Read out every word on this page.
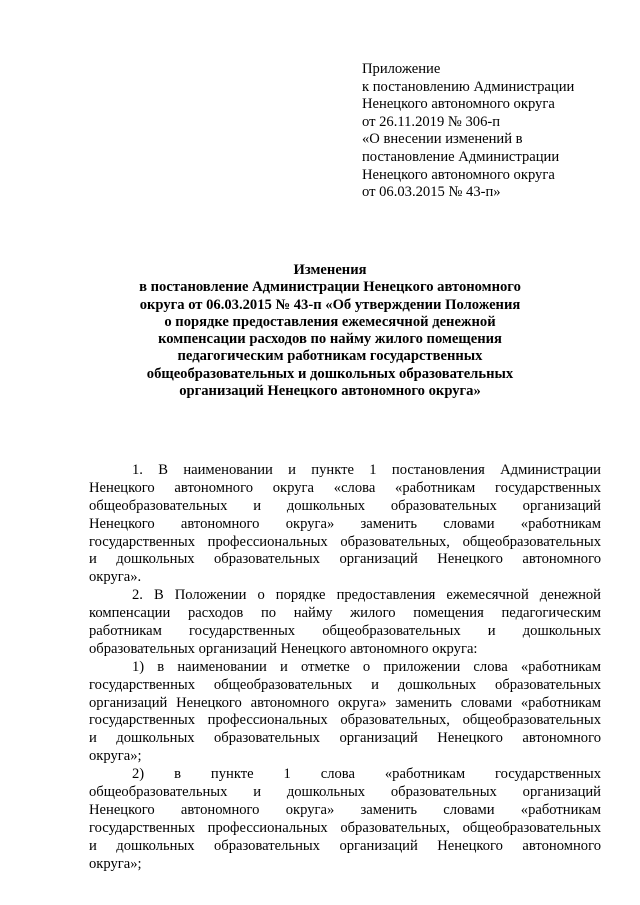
Приложение
к постановлению Администрации
Ненецкого автономного округа
от 26.11.2019 № 306-п
«О внесении изменений в
постановление Администрации
Ненецкого автономного округа
от 06.03.2015 № 43-п»
Изменения
в постановление Администрации Ненецкого автономного
округа от 06.03.2015 № 43-п «Об утверждении Положения
о порядке предоставления ежемесячной денежной
компенсации расходов по найму жилого помещения
педагогическим работникам государственных
общеобразовательных и дошкольных образовательных
организаций Ненецкого автономного округа»
1. В наименовании и пункте 1 постановления Администрации
Ненецкого автономного округа «слова «работникам государственных
общеобразовательных и дошкольных образовательных организаций
Ненецкого автономного округа» заменить словами «работникам
государственных профессиональных образовательных, общеобразовательных
и дошкольных образовательных организаций Ненецкого автономного
округа».
2. В Положении о порядке предоставления ежемесячной денежной
компенсации расходов по найму жилого помещения педагогическим
работникам государственных общеобразовательных и дошкольных
образовательных организаций Ненецкого автономного округа:
1) в наименовании и отметке о приложении слова «работникам
государственных общеобразовательных и дошкольных образовательных
организаций Ненецкого автономного округа» заменить словами «работникам
государственных профессиональных образовательных, общеобразовательных
и дошкольных образовательных организаций Ненецкого автономного
округа»;
2) в пункте 1 слова «работникам государственных
общеобразовательных и дошкольных образовательных организаций
Ненецкого автономного округа» заменить словами «работникам
государственных профессиональных образовательных, общеобразовательных
и дошкольных образовательных организаций Ненецкого автономного
округа»;
